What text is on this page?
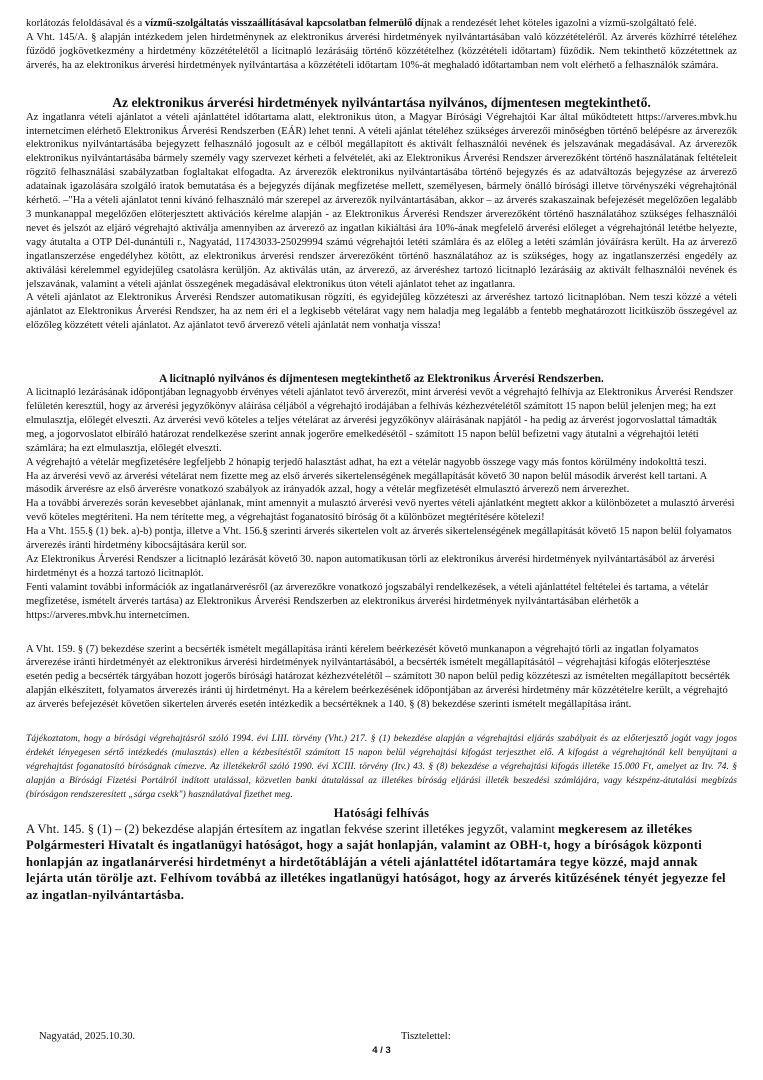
korlátozás feloldásával és a vízmű-szolgáltatás visszaállításával kapcsolatban felmerülő díjnak a rendezését lehet köteles igazolni a vízmű-szolgáltató felé.

A Vht. 145/A. § alapján intézkedem jelen hirdetménynek az elektronikus árverési hirdetmények nyilvántartásában való közzétételéről. Az árverés közhírré tételéhez fűződő jogkövetkezmény a hirdetmény közzétételétől a licitnapló lezárásáig történő közzétételhez (közzétételi időtartam) fűződik. Nem tekinthető közzétettnek az árverés, ha az elektronikus árverési hirdetmények nyilvántartása a közzétételi időtartam 10%-át meghaladó időtartamban nem volt elérhető a felhasználók számára.

Az elektronikus árverési hirdetmények nyilvántartása nyilvános, díjmentesen megtekinthető.

Az ingatlanra vételi ajánlatot a vételi ajánlattétel időtartama alatt, elektronikus úton, a Magyar Bírósági Végrehajtói Kar által működtetett https://arveres.mbvk.hu internetcímen elérhető Elektronikus Árverési Rendszerben (EÁR) lehet tenni. A vételi ajánlat tételéhez szükséges árverezői minőségben történő belépésre az árverezők elektronikus nyilvántartásába bejegyzett felhasználó jogosult az e célból megállapított és aktivált felhasználói nevének és jelszavának megadásával. Az árverezők elektronikus nyilvántartásába bármely személy vagy szervezet kérheti a felvételét, aki az Elektronikus Árverési Rendszer árverezőként történő használatának feltételeit rögzítő felhasználási szabályzatban foglaltakat elfogadta. Az árverezők elektronikus nyilvántartásába történő bejegyzés és az adatváltozás bejegyzése az árverező adatainak igazolására szolgáló iratok bemutatása és a bejegyzés díjának megfizetése mellett, személyesen, bármely önálló bírósági illetve törvényszéki végrehajtónál kérhető. –"Ha a vételi ajánlatot tenni kívánó felhasználó már szerepel az árverezők nyilvántartásában, akkor – az árverés szakaszainak befejezését megelőzően legalább 3 munkanappal megelőzően előterjesztett aktivációs kérelme alapján - az Elektronikus Árverési Rendszer árverezőként történő használatához szükséges felhasználói nevet és jelszót az eljáró végrehajtó aktiválja amennyiben az árverező az ingatlan kikiáltási ára 10%-ának megfelelő árverési előleget a végrehajtónál letétbe helyezte, vagy átutalta a OTP Dél-dunántúli r., Nagyatád, 11743033-25029994 számú végrehajtói letéti számlára és az előleg a letéti számlán jóváírásra került. Ha az árverező ingatlanszerzése engedélyhez kötött, az elektronikus árverési rendszer árverezőként történő használatához az is szükséges, hogy az ingatlanszerzési engedély az aktiválási kérelemmel egyidejűleg csatolásra kerüljön. Az aktiválás után, az árverező, az árveréshez tartozó licitnapló lezárásáig az aktivált felhasználói nevének és jelszavának, valamint a vételi ajánlat összegének megadásával elektronikus úton vételi ajánlatot tehet az ingatlanra.

A vételi ajánlatot az Elektronikus Árverési Rendszer automatikusan rögzíti, és egyidejűleg közzéteszi az árveréshez tartozó licitnaplóban. Nem teszi közzé a vételi ajánlatot az Elektronikus Árverési Rendszer, ha az nem éri el a legkisebb vételárat vagy nem haladja meg legalább a fentebb meghatározott licitküszöb összegével az előzőleg közzétett vételi ajánlatot. Az ajánlatot tevő árverező vételi ajánlatát nem vonhatja vissza!

A licitnapló nyilvános és díjmentesen megtekinthető az Elektronikus Árverési Rendszerben.

A licitnapló lezárásának időpontjában legnagyobb érvényes vételi ajánlatot tevő árverezőt, mint árverési vevőt a végrehajtó felhívja az Elektronikus Árverési Rendszer felületén keresztül, hogy az árverési jegyzőkönyv aláírása céljából a végrehajtó irodájában a felhívás kézhezvételétől számított 15 napon belül jelenjen meg; ha ezt elmulasztja, előlegét elveszti. Az árverési vevő köteles a teljes vételárat az árverési jegyzőkönyv aláírásának napjától - ha pedig az árverést jogorvoslattal támadták meg, a jogorvoslatot elbíráló határozat rendelkezése szerint annak jogerőre emelkedésétől - számított 15 napon belül befizetni vagy átutalni a végrehajtói letéti számlára; ha ezt elmulasztja, előlegét elveszti.

A végrehajtó a vételár megfizetésére legfeljebb 2 hónapig terjedő halasztást adhat, ha ezt a vételár nagyobb összege vagy más fontos körülmény indokolttá teszi.

Ha az árverési vevő az árverési vételárat nem fizette meg az első árverés sikertelenségének megállapítását követő 30 napon belül második árverést kell tartani. A második árverésre az első árverésre vonatkozó szabályok az irányadók azzal, hogy a vételár megfizetését elmulasztó árverező nem árverezhet.

Ha a további árverezés során kevesebbet ajánlanak, mint amennyit a mulasztó árverési vevő nyertes vételi ajánlatként megtett akkor a különbözetet a mulasztó árverési vevő köteles megtériteni. Ha nem térítette meg, a végrehajtást foganatosító bíróság őt a különbözet megtérítésére kötelezi!

Ha a Vht. 155.§ (1) bek. a)-b) pontja, illetve a Vht. 156.§ szerinti árverés sikertelen volt az árverés sikertelenségének megállapítását követő 15 napon belül folyamatos árverezés iránti hirdetmény kibocsájtására kerül sor.

Az Elektronikus Árverési Rendszer a licitnapló lezárását követő 30. napon automatikusan törli az elektronikus árverési hirdetmények nyilvántartásából az árverési hirdetményt és a hozzá tartozó licitnaplót.

Fenti valamint további információk az ingatlanárverésről (az árverezőkre vonatkozó jogszabályi rendelkezések, a vételi ajánlattétel feltételei és tartama, a vételár megfizetése, ismételt árverés tartása) az Elektronikus Árverési Rendszerben az elektronikus árverési hirdetmények nyilvántartásában elérhetők a https://arveres.mbvk.hu internetcímen.

A Vht. 159. § (7) bekezdése szerint a becsérték ismételt megállapítása iránti kérelem beérkezését követő munkanapon a végrehajtó törli az ingatlan folyamatos árverezése iránti hirdetményét az elektronikus árverési hirdetmények nyilvántartásából, a becsérték ismételt megállapításától – végrehajtási kifogás előterjesztése esetén pedig a becsérték tárgyában hozott jogerős bírósági határozat kézhezvételétől – számított 30 napon belül pedig közzéteszi az ismételten megállapított becsérték alapján elkészített, folyamatos árverezés iránti új hirdetményt. Ha a kérelem beérkezésének időpontjában az árverési hirdetmény már közzétételre került, a végrehajtó az árverés befejezését követően sikertelen árverés esetén intézkedik a becsértéknek a 140. § (8) bekezdése szerinti ismételt megállapítása iránt.

Tájékoztatom, hogy a bírósági végrehajtásról szóló 1994. évi LIII. törvény (Vht.) 217. § (1) bekezdése alapján a végrehajtási eljárás szabályait és az előterjesztő jogát vagy jogos érdekét lényegesen sértő intézkedés (mulasztás) ellen a kézbesítéstől számított 15 napon belül végrehajtási kifogást terjeszthet elő. A kifogást a végrehajtónál kell benyújtani a végrehajtást foganatosító bíróságnak címezve. Az illetékekről szóló 1990. évi XCIII. törvény (Itv.) 43. § (8) bekezdése a végrehajtási kifogás illetéke 15.000 Ft, amelyet az Itv. 74. § alapján a Bírósági Fizetési Portálról indított utalással, közvetlen banki átutalással az illetékes bíróság eljárási illeték beszedési számlájára, vagy készpénz-átutalási megbízás (bíróságon rendszeresített „sárga csekk") használatával fizethet meg.

Hatósági felhívás

A Vht. 145. § (1) – (2) bekezdése alapján értesítem az ingatlan fekvése szerint illetékes jegyzőt, valamint megkeresem az illetékes Polgármesteri Hivatalt és ingatlanügyi hatóságot, hogy a saját honlapján, valamint az OBH-t, hogy a bíróságok központi honlapján az ingatlanárverési hirdetményt a hirdetőtábláján a vételi ajánlattétel időtartamára tegye közzé, majd annak lejárta után törölje azt. Felhívom továbbá az illetékes ingatlanügyi hatóságot, hogy az árverés kitűzésének tényét jegyezze fel az ingatlan-nyilvántartásba.

Nagyatád, 2025.10.30.	Tisztelettel:
4 / 3
